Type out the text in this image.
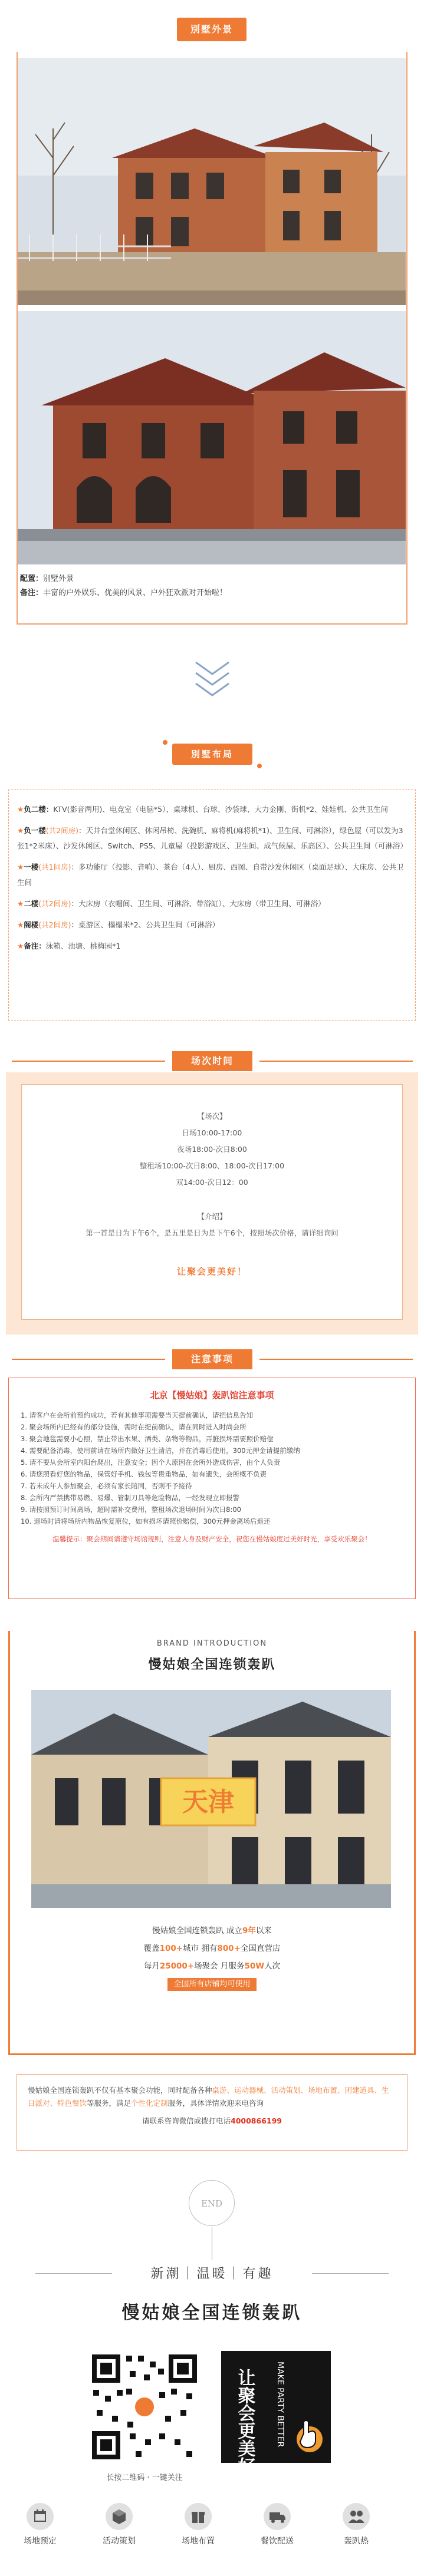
別墅外景
配置：别墅外景
备注：丰富的户外娱乐、优美的风景、户外狂欢派对开始啦！
別墅布局
★负二楼：KTV(影音两用)、电竞室（电脑*5）、桌球机、台球、沙袋球、大力金刚、街机*2、娃娃机、公共卫生间
★负一楼(共2间房)：天井台堂休闲区、休闲吊椅、洗碗机、麻将机(麻将机*1)、卫生间、可淋浴），绿色屋（可以发为3张1*2米床）、沙发休闲区、Switch、PS5、儿童屋（投影游戏区、卫生间、成气候屋、乐高区）、公共卫生间（可淋浴）
★一楼(共1间房)：多功能厅（投影、音响）、茶台（4人）、厨房、西图、自带沙发休闲区（桌面足球）、大床房、公共卫生间
★二楼(共2间房)：大床房（衣帽间、卫生间、可淋浴、带浴缸）、大床房（带卫生间、可淋浴）
★阁楼(共2间房)：桌游区、榻榻米*2、公共卫生间（可淋浴）
★备注：泳箱、池塘、桃梅园*1
场次时间
【场次】
日场10:00-17:00
夜场18:00-次日8:00
整租场10:00-次日8:00、18:00-次日17:00
双14:00-次日12：00
【介绍】
第一首是日为下午6个，是五里是日为是下午6个，按照场次价格，请详细询问
让聚会更美好！
注意事项
北京【慢姑娘】轰趴馆注意事项
1. 请客户在会所前预约成功，若有其他事项需要当天提前确认，请把信息告知
2. 聚会场所内已经有的部分设施，需时在提前确认，请在同时进入时尚会所
3. 聚会地毯需要小心照，禁止带出水果、酒类、杂物等物品，弄脏损坏需要照价赔偿
4. 需要配备消毒，使用前请在场所内做好卫生清洁，并在消毒后使用，300元押金请提前缴纳
5. 请不要从会所室内阳台爬出，注意安全；因个人原因在会所外造成伤害，由个人负责
6. 请您照看好您的物品，保管好手机、钱包等贵重物品，如有遗失，会所概不负责
7. 若未成年人参加聚会，必须有家长陪同，否则不予接待
8. 会所内严禁携带易燃、易爆、管制刀具等危险物品，一经发现立即报警
9. 请按照预订时间离场，超时需补交费用，整租场次退场时间为次日8:00
10. 退场时请将场所内物品恢复原位，如有损坏请照价赔偿，300元押金离场后退还
温馨提示：聚会期间请遵守场馆规则，注意人身及财产安全，祝您在慢姑娘度过美好时光，享受欢乐聚会！
BRAND INTRODUCTION
慢姑娘全国连锁轰趴
天津
慢姑娘全国连锁轰趴 成立9年以来
覆盖100+城市 拥有800+全国直营店
每月25000+场聚会 月服务50W人次
全国所有店铺均可使用
慢姑娘全国连锁轰趴不仅有基本聚会功能，同时配备各种桌游、运动器械、活动策划、场地布置、团建道具、生日派对、特色餐饮等服务，满足个性化定制服务，具体详情欢迎来电咨询
请联系咨询微信或拨打电话4000866199
END
新潮｜温暖｜有趣
慢姑娘全国连锁轰趴
长按二维码 · 一键关注
让聚会更美好 MAKE PARTY BETTER
场地预定	活动策划	场地布置	餐饮配送	轰趴热
